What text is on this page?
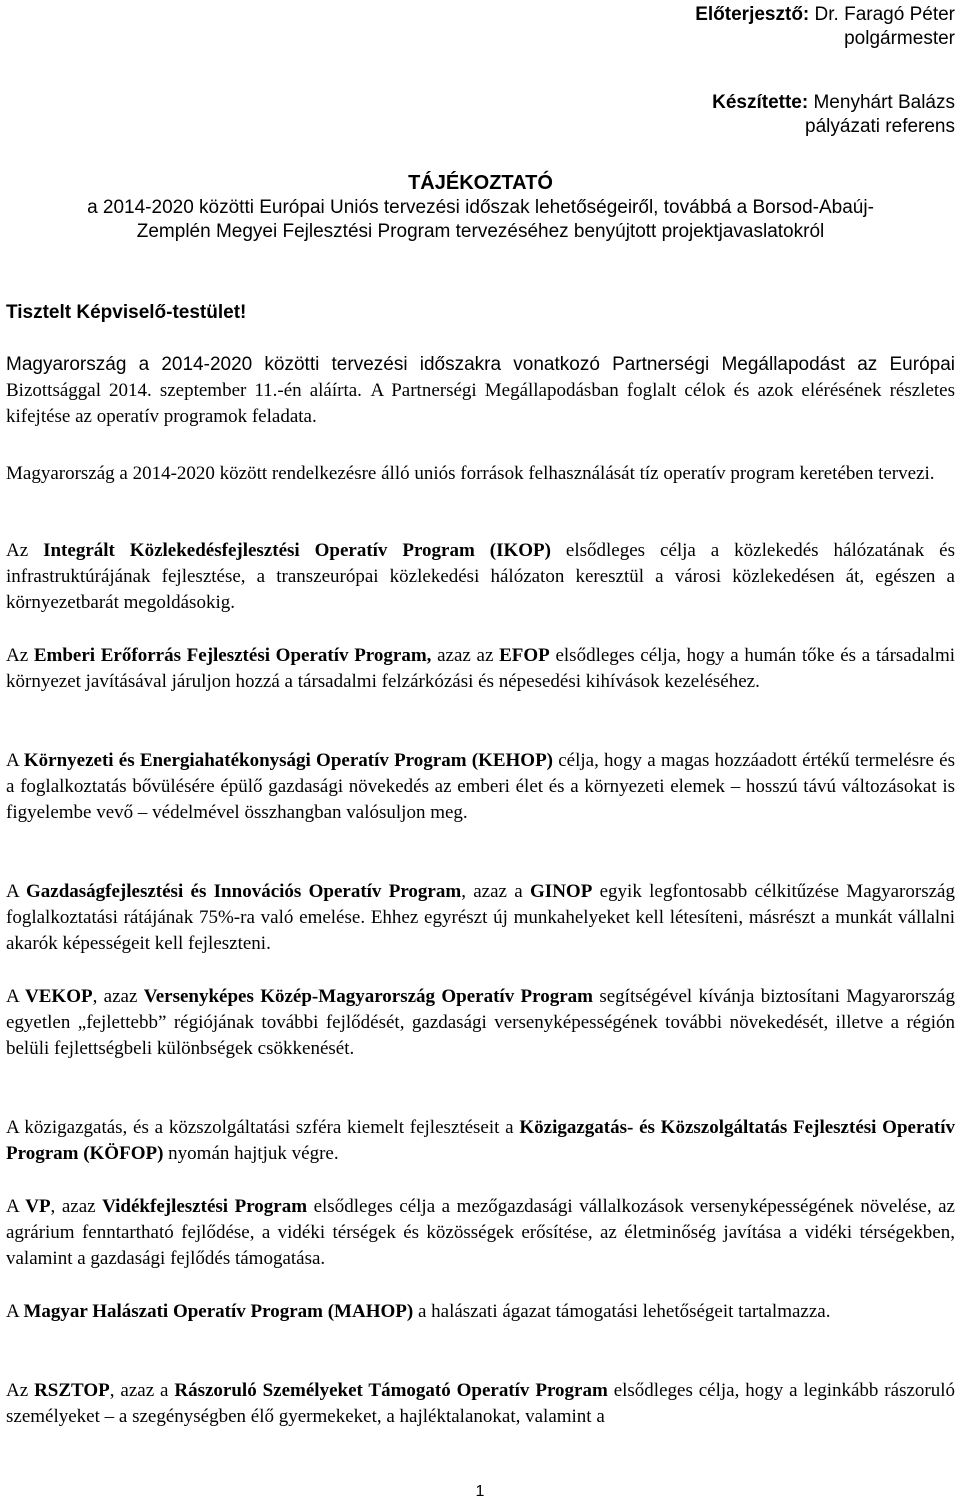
Előterjesztő: Dr. Faragó Péter
polgármester
Készítette: Menyhárt Balázs
pályázati referens
TÁJÉKOZTATÓ
a 2014-2020 közötti Európai Uniós tervezési időszak lehetőségeiről, továbbá a Borsod-Abaúj-
Zemplén Megyei Fejlesztési Program tervezéséhez benyújtott projektjavaslatokról
Tisztelt Képviselő-testület!

Magyarország a 2014-2020 közötti tervezési időszakra vonatkozó Partnerségi Megállapodást az Európai Bizottsággal 2014. szeptember 11.-én aláírta. A Partnerségi Megállapodásban foglalt célok és azok elérésének részletes kifejtése az operatív programok feladata.

Magyarország a 2014-2020 között rendelkezésre álló uniós források felhasználását tíz operatív program keretében tervezi.

Az Integrált Közlekedésfejlesztési Operatív Program (IKOP) elsődleges célja a közlekedés hálózatának és infrastruktúrájának fejlesztése, a transzeurópai közlekedési hálózaton keresztül a városi közlekedésen át, egészen a környezetbarát megoldásokig.

Az Emberi Erőforrás Fejlesztési Operatív Program, azaz az EFOP elsődleges célja, hogy a humán tőke és a társadalmi környezet javításával járuljon hozzá a társadalmi felzárkózási és népesedési kihívások kezeléséhez.

A Környezeti és Energiahatékonysági Operatív Program (KEHOP) célja, hogy a magas hozzáadott értékű termelésre és a foglalkoztatás bővülésére épülő gazdasági növekedés az emberi élet és a környezeti elemek – hosszú távú változásokat is figyelembe vevő – védelmével összhangban valósuljon meg.

A Gazdaságfejlesztési és Innovációs Operatív Program, azaz a GINOP egyik legfontosabb célkitűzése Magyarország foglalkoztatási rátájának 75%-ra való emelése. Ehhez egyrészt új munkahelyeket kell létesíteni, másrészt a munkát vállalni akarók képességeit kell fejleszteni.

A VEKOP, azaz Versenyképes Közép-Magyarország Operatív Program segítségével kívánja biztosítani Magyarország egyetlen „fejlettebb” régiójának további fejlődését, gazdasági versenyképességének további növekedését, illetve a régión belüli fejlettségbeli különbségek csökkenését.

A közigazgatás, és a közszolgáltatási szféra kiemelt fejlesztéseit a Közigazgatás- és Közszolgáltatás Fejlesztési Operatív Program (KÖFOP) nyomán hajtjuk végre.

A VP, azaz Vidékfejlesztési Program elsődleges célja a mezőgazdasági vállalkozások versenyképességének növelése, az agrárium fenntartható fejlődése, a vidéki térségek és közösségek erősítése, az életminőség javítása a vidéki térségekben, valamint a gazdasági fejlődés támogatása.

A Magyar Halászati Operatív Program (MAHOP) a halászati ágazat támogatási lehetőségeit tartalmazza.

Az RSZTOP, azaz a Rászoruló Személyeket Támogató Operatív Program elsődleges célja, hogy a leginkább rászoruló személyeket – a szegénységben élő gyermekeket, a hajléktalanokat, valamint a

1
